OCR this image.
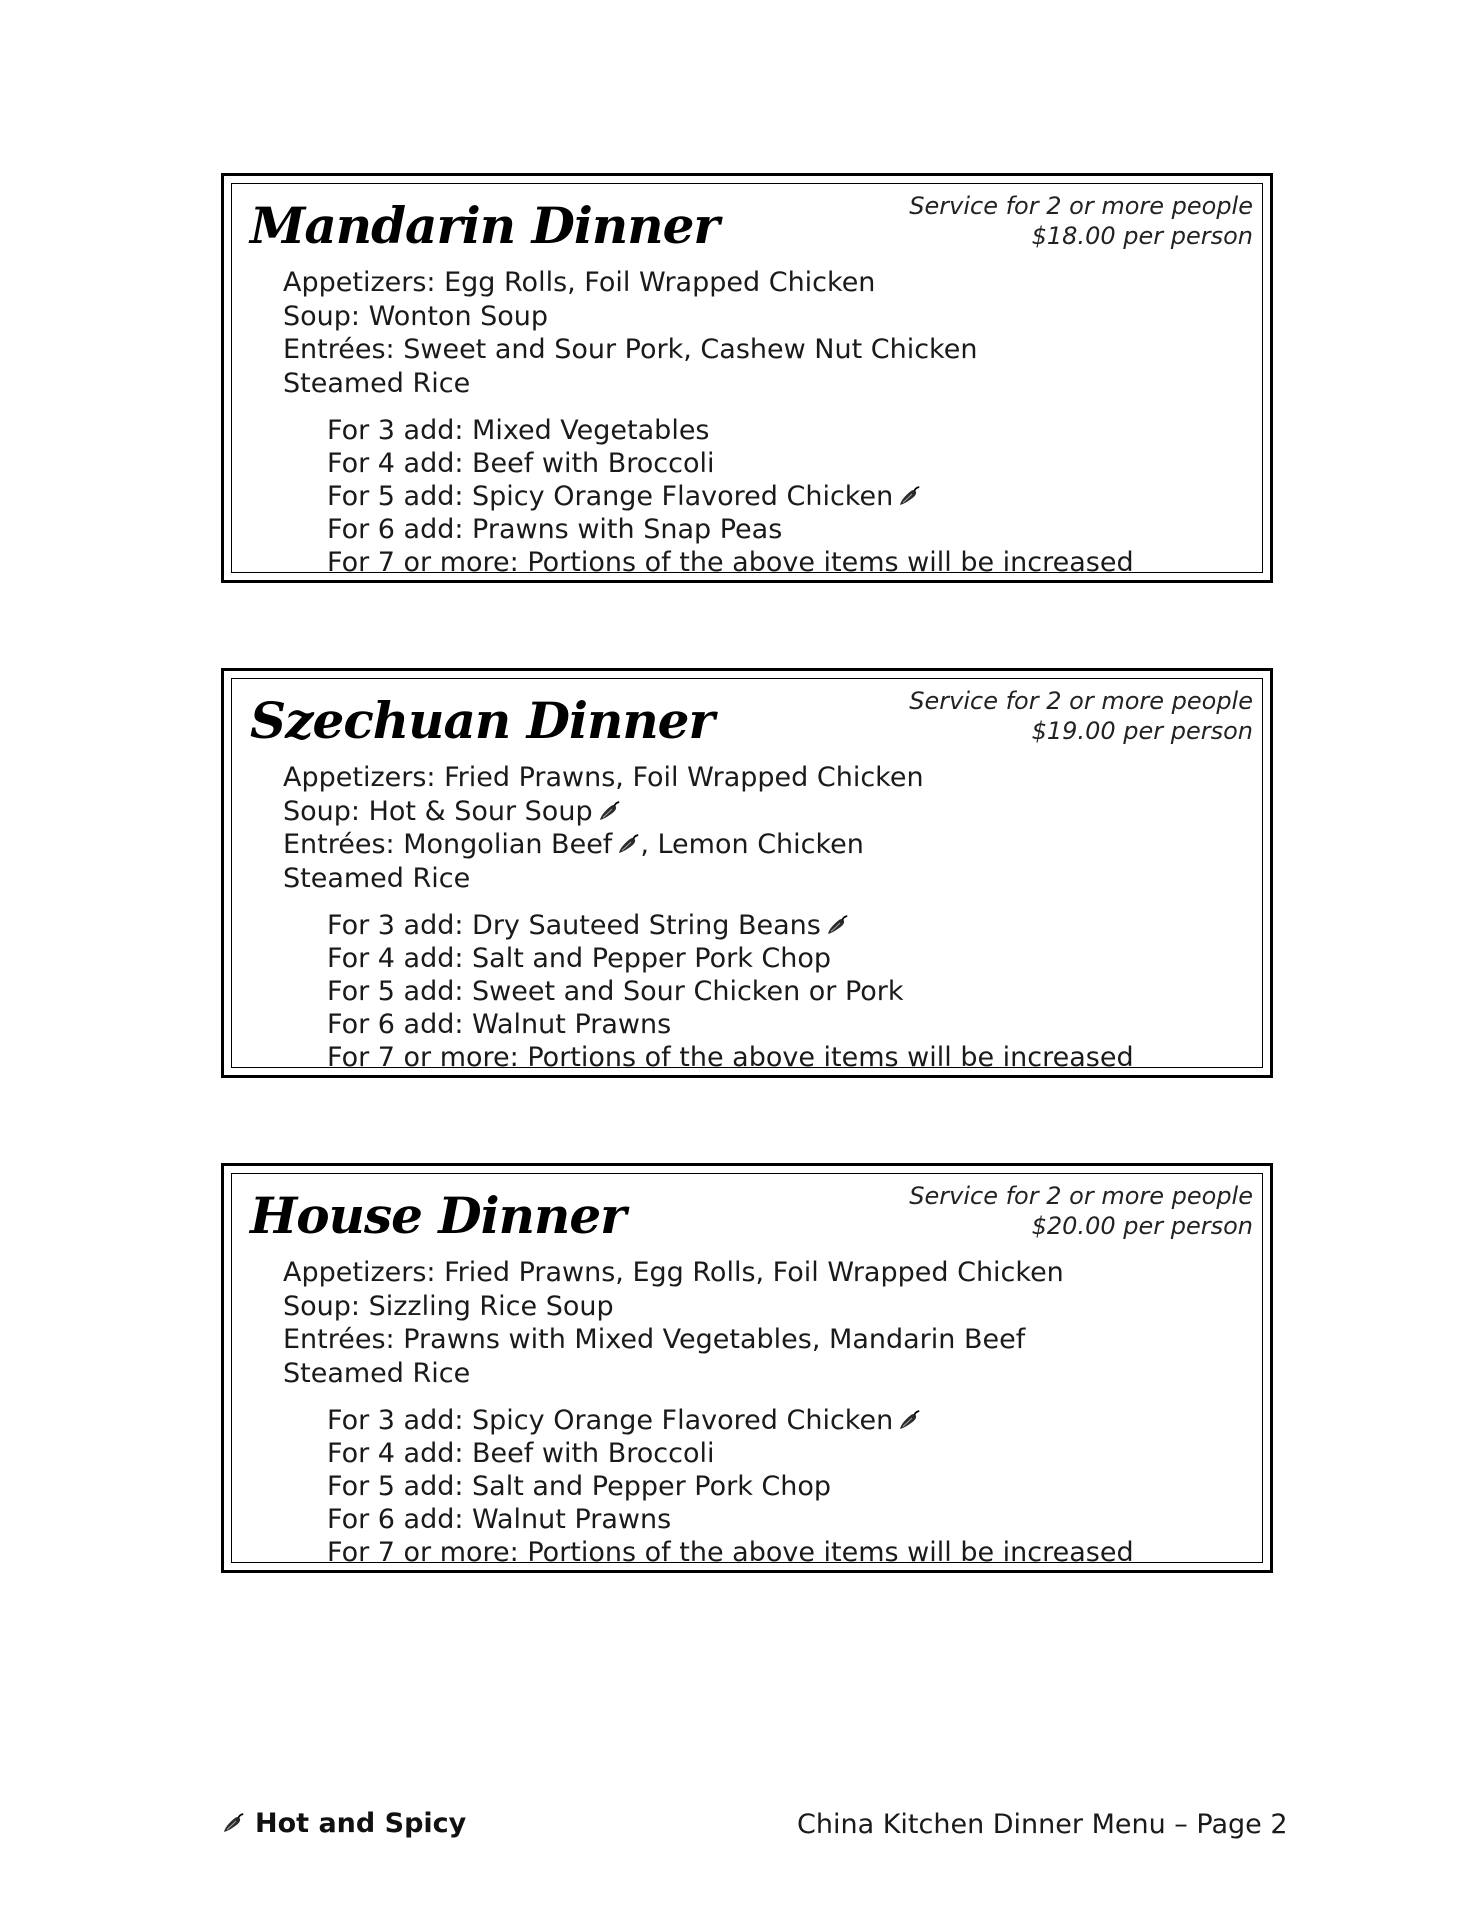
Mandarin Dinner	Service for 2 or more people
$18.00 per person
Appetizers: Egg Rolls, Foil Wrapped Chicken
Soup: Wonton Soup
Entrées: Sweet and Sour Pork, Cashew Nut Chicken
Steamed Rice
For 3 add: Mixed Vegetables
For 4 add: Beef with Broccoli
For 5 add: Spicy Orange Flavored Chicken
For 6 add: Prawns with Snap Peas
For 7 or more: Portions of the above items will be increased
Szechuan Dinner	Service for 2 or more people
$19.00 per person
Appetizers: Fried Prawns, Foil Wrapped Chicken
Soup: Hot & Sour Soup
Entrées: Mongolian Beef , Lemon Chicken
Steamed Rice
For 3 add: Dry Sauteed String Beans
For 4 add: Salt and Pepper Pork Chop
For 5 add: Sweet and Sour Chicken or Pork
For 6 add: Walnut Prawns
For 7 or more: Portions of the above items will be increased
House Dinner	Service for 2 or more people
$20.00 per person
Appetizers: Fried Prawns, Egg Rolls, Foil Wrapped Chicken
Soup: Sizzling Rice Soup
Entrées: Prawns with Mixed Vegetables, Mandarin Beef
Steamed Rice
For 3 add: Spicy Orange Flavored Chicken
For 4 add: Beef with Broccoli
For 5 add: Salt and Pepper Pork Chop
For 6 add: Walnut Prawns
For 7 or more: Portions of the above items will be increased
Hot and Spicy	China Kitchen Dinner Menu – Page 2
